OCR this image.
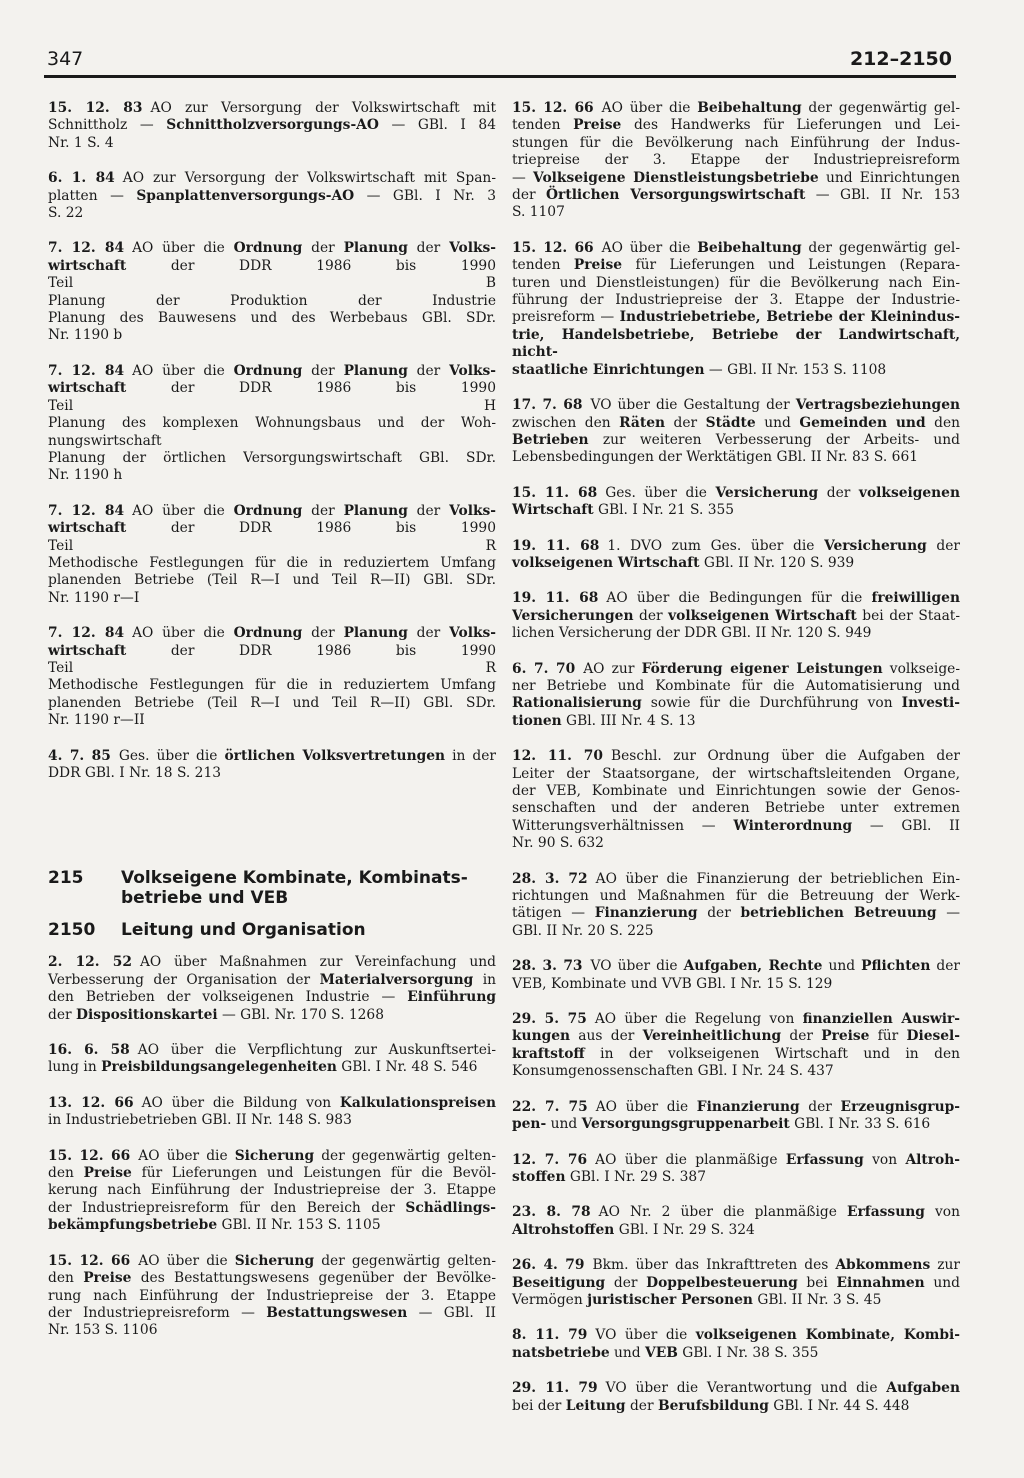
347	212–2150
15. 12. 83 AO zur Versorgung der Volkswirtschaft mit
Schnittholz — Schnittholzversorgungs-AO — GBl. I 84
Nr. 1 S. 4
6. 1. 84 AO zur Versorgung der Volkswirtschaft mit Span-
platten — Spanplattenversorgungs-AO — GBl. I Nr. 3
S. 22
7. 12. 84 AO über die Ordnung der Planung der Volks-
wirtschaft der DDR 1986 bis 1990
Teil B
Planung der Produktion der Industrie
Planung des Bauwesens und des Werbebaus GBl. SDr.
Nr. 1190 b
7. 12. 84 AO über die Ordnung der Planung der Volks-
wirtschaft der DDR 1986 bis 1990
Teil H
Planung des komplexen Wohnungsbaus und der Woh-
nungswirtschaft
Planung der örtlichen Versorgungswirtschaft GBl. SDr.
Nr. 1190 h
7. 12. 84 AO über die Ordnung der Planung der Volks-
wirtschaft der DDR 1986 bis 1990
Teil R
Methodische Festlegungen für die in reduziertem Umfang
planenden Betriebe (Teil R—I und Teil R—II) GBl. SDr.
Nr. 1190 r—I
7. 12. 84 AO über die Ordnung der Planung der Volks-
wirtschaft der DDR 1986 bis 1990
Teil R
Methodische Festlegungen für die in reduziertem Umfang
planenden Betriebe (Teil R—I und Teil R—II) GBl. SDr.
Nr. 1190 r—II
4. 7. 85 Ges. über die örtlichen Volksvertretungen in der
DDR GBl. I Nr. 18 S. 213
215 Volkseigene Kombinate, Kombinats-
betriebe und VEB
2150 Leitung und Organisation
2. 12. 52 AO über Maßnahmen zur Vereinfachung und
Verbesserung der Organisation der Materialversorgung in
den Betrieben der volkseigenen Industrie — Einführung
der Dispositionskartei — GBl. Nr. 170 S. 1268
16. 6. 58 AO über die Verpflichtung zur Auskunftsertei-
lung in Preisbildungsangelegenheiten GBl. I Nr. 48 S. 546
13. 12. 66 AO über die Bildung von Kalkulationspreisen
in Industriebetrieben GBl. II Nr. 148 S. 983
15. 12. 66 AO über die Sicherung der gegenwärtig gelten-
den Preise für Lieferungen und Leistungen für die Bevöl-
kerung nach Einführung der Industriepreise der 3. Etappe
der Industriepreisreform für den Bereich der Schädlings-
bekämpfungsbetriebe GBl. II Nr. 153 S. 1105
15. 12. 66 AO über die Sicherung der gegenwärtig gelten-
den Preise des Bestattungswesens gegenüber der Bevölke-
rung nach Einführung der Industriepreise der 3. Etappe
der Industriepreisreform — Bestattungswesen — GBl. II
Nr. 153 S. 1106
15. 12. 66 AO über die Beibehaltung der gegenwärtig gel-
tenden Preise des Handwerks für Lieferungen und Lei-
stungen für die Bevölkerung nach Einführung der Indus-
triepreise der 3. Etappe der Industriepreisreform
— Volkseigene Dienstleistungsbetriebe und Einrichtungen
der Örtlichen Versorgungswirtschaft — GBl. II Nr. 153
S. 1107
15. 12. 66 AO über die Beibehaltung der gegenwärtig gel-
tenden Preise für Lieferungen und Leistungen (Repara-
turen und Dienstleistungen) für die Bevölkerung nach Ein-
führung der Industriepreise der 3. Etappe der Industrie-
preisreform — Industriebetriebe, Betriebe der Kleinindus-
trie, Handelsbetriebe, Betriebe der Landwirtschaft, nicht-
staatliche Einrichtungen — GBl. II Nr. 153 S. 1108
17. 7. 68 VO über die Gestaltung der Vertragsbeziehungen
zwischen den Räten der Städte und Gemeinden und den
Betrieben zur weiteren Verbesserung der Arbeits- und
Lebensbedingungen der Werktätigen GBl. II Nr. 83 S. 661
15. 11. 68 Ges. über die Versicherung der volkseigenen
Wirtschaft GBl. I Nr. 21 S. 355
19. 11. 68 1. DVO zum Ges. über die Versicherung der
volkseigenen Wirtschaft GBl. II Nr. 120 S. 939
19. 11. 68 AO über die Bedingungen für die freiwilligen
Versicherungen der volkseigenen Wirtschaft bei der Staat-
lichen Versicherung der DDR GBl. II Nr. 120 S. 949
6. 7. 70 AO zur Förderung eigener Leistungen volkseige-
ner Betriebe und Kombinate für die Automatisierung und
Rationalisierung sowie für die Durchführung von Investi-
tionen GBl. III Nr. 4 S. 13
12. 11. 70 Beschl. zur Ordnung über die Aufgaben der
Leiter der Staatsorgane, der wirtschaftsleitenden Organe,
der VEB, Kombinate und Einrichtungen sowie der Genos-
senschaften und der anderen Betriebe unter extremen
Witterungsverhältnissen — Winterordnung — GBl. II
Nr. 90 S. 632
28. 3. 72 AO über die Finanzierung der betrieblichen Ein-
richtungen und Maßnahmen für die Betreuung der Werk-
tätigen — Finanzierung der betrieblichen Betreuung —
GBl. II Nr. 20 S. 225
28. 3. 73 VO über die Aufgaben, Rechte und Pflichten der
VEB, Kombinate und VVB GBl. I Nr. 15 S. 129
29. 5. 75 AO über die Regelung von finanziellen Auswir-
kungen aus der Vereinheitlichung der Preise für Diesel-
kraftstoff in der volkseigenen Wirtschaft und in den
Konsumgenossenschaften GBl. I Nr. 24 S. 437
22. 7. 75 AO über die Finanzierung der Erzeugnisgrup-
pen- und Versorgungsgruppenarbeit GBl. I Nr. 33 S. 616
12. 7. 76 AO über die planmäßige Erfassung von Altroh-
stoffen GBl. I Nr. 29 S. 387
23. 8. 78 AO Nr. 2 über die planmäßige Erfassung von
Altrohstoffen GBl. I Nr. 29 S. 324
26. 4. 79 Bkm. über das Inkrafttreten des Abkommens zur
Beseitigung der Doppelbesteuerung bei Einnahmen und
Vermögen juristischer Personen GBl. II Nr. 3 S. 45
8. 11. 79 VO über die volkseigenen Kombinate, Kombi-
natsbetriebe und VEB GBl. I Nr. 38 S. 355
29. 11. 79 VO über die Verantwortung und die Aufgaben
bei der Leitung der Berufsbildung GBl. I Nr. 44 S. 448
